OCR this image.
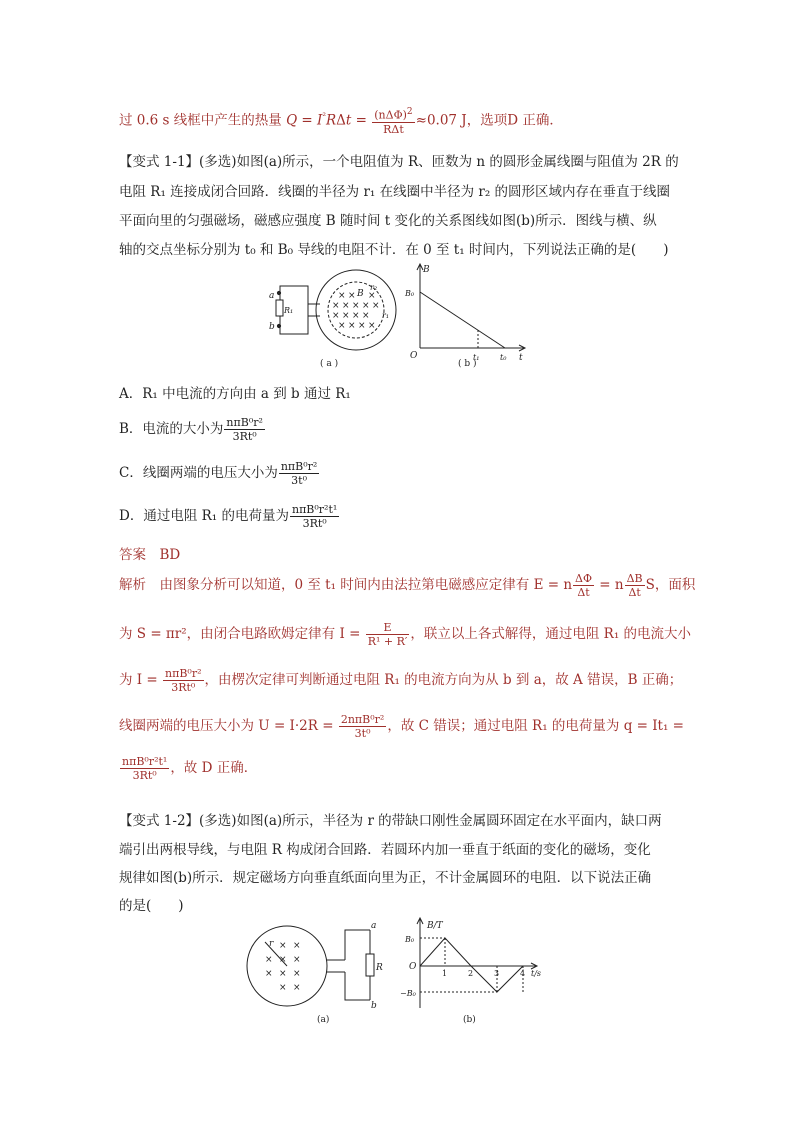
过 0.6 s 线框中产生的热量 $Q = I^{^2}R\Delta t = \frac{(n\Delta\Phi)^2}{\text{RΔt}} \approx 0.07$ J，选项D 正确．
【变式 1-1】(多选)如图(a)所示，一个电阻值为 R、匝数为 n 的圆形金属线圈与阻值为 2R 的
电阻 R₁ 连接成闭合回路．线圈的半径为 r₁ 在线圈中半径为 r₂ 的圆形区域内存在垂直于线圈
平面向里的匀强磁场，磁感应强度 B 随时间 t 变化的关系图线如图(b)所示．图线与横、纵
轴的交点坐标分别为 t₀ 和 B₀ 导线的电阻不计．在 0 至 t₁ 时间内，下列说法正确的是(　　)
× × ×
× × × × ×
× × × ×
× × × ×
a
b
R₁
B
r₂
r₁
( a )
B
B₀
O	t₁	t₀ t
( b )
A．R₁ 中电流的方向由 a 到 b 通过 R₁
B．电流的大小为 $\frac{\text{nπB⁰r²}}{\text{3Rt⁰}}$
C．线圈两端的电压大小为 $\frac{\text{nπB⁰r²}}{\text{3t⁰}}$
D．通过电阻 R₁ 的电荷量为 $\frac{\text{nπB⁰r²t¹}}{\text{3Rt⁰}}$
答案　 BD
解析　由图象分析可以知道，0 至 t₁ 时间内由法拉第电磁感应定律有 E = n $\frac{\Delta\Phi}{\Delta t} = n \frac{\Delta B}{\Delta t}$ S，面积
为 S = πr²，由闭合电路欧姆定律有 $I = \frac{E}{\text{R¹ + R′}}$ ，联立以上各式解得，通过电阻 R₁ 的电流大小
为 $I = \frac{\text{nπB⁰r²}}{\text{3Rt⁰}}$ ，由楞次定律可判断通过电阻 R₁ 的电流方向为从 b 到 a，故 A 错误，B 正确；
线圈两端的电压大小为 $U = I\cdot 2R = \frac{\text{2nπB⁰r²}}{\text{3t⁰}}$ ，故 C 错误；通过电阻 R₁ 的电荷量为 q = It₁ =
$\frac{\text{nπB⁰r²t¹}}{\text{3Rt⁰}}$ ，故 D 正确．
【变式 1-2】(多选)如图(a)所示，半径为 r 的带缺口刚性金属圆环固定在水平面内，缺口两
端引出两根导线，与电阻 R 构成闭合回路．若圆环内加一垂直于纸面的变化的磁场，变化
规律如图(b)所示．规定磁场方向垂直纸面向里为正，不计金属圆环的电阻．以下说法正确
的是(　　)
× ×
× × ×
× × ×
× ×
r
a
b
R
(a)
B/T
B₀
O
−B₀
1	2	3	4 t/s
(b)
